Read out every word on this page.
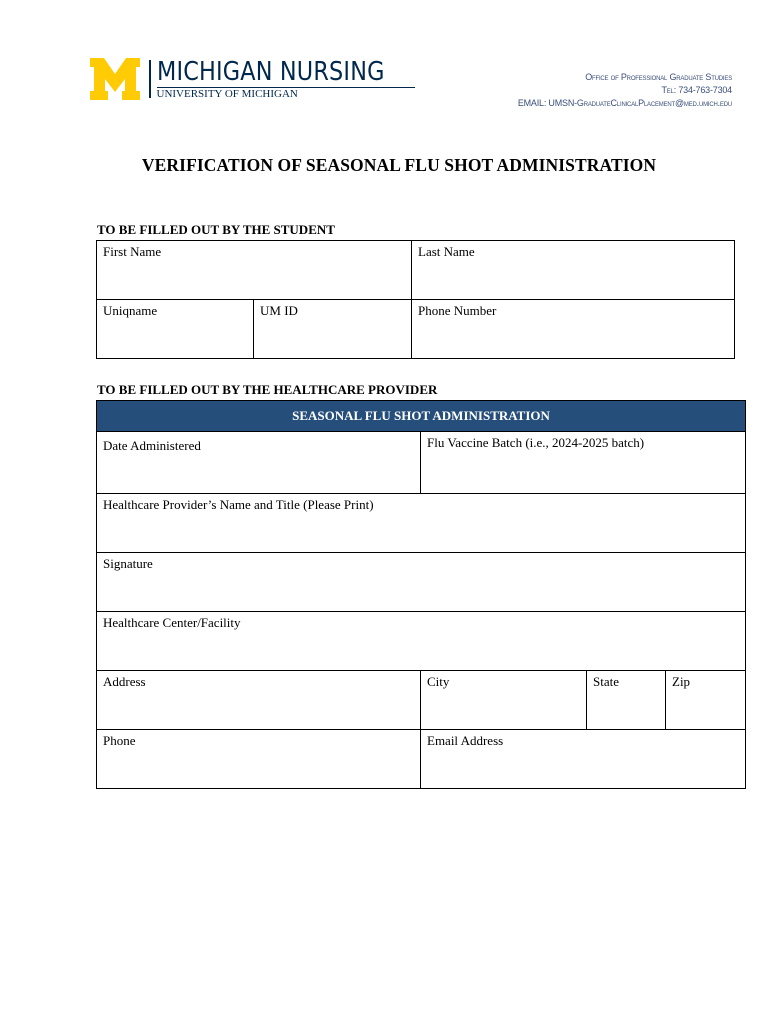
MICHIGAN NURSING
UNIVERSITY OF MICHIGAN
Office of Professional Graduate Studies
Tel: 734-763-7304
EMAIL: UMSN-GraduateClinicalPlacement@med.umich.edu
VERIFICATION OF SEASONAL FLU SHOT ADMINISTRATION
TO BE FILLED OUT BY THE STUDENT
First Name		Last Name
Uniqname	UM ID	Phone Number
TO BE FILLED OUT BY THE HEALTHCARE PROVIDER
SEASONAL FLU SHOT ADMINISTRATION			
Date Administered	Flu Vaccine Batch (i.e., 2024-2025 batch)		
Healthcare Provider’s Name and Title (Please Print)			
Signature			
Healthcare Center/Facility			
Address	City	State	Zip
Phone	Email Address		
